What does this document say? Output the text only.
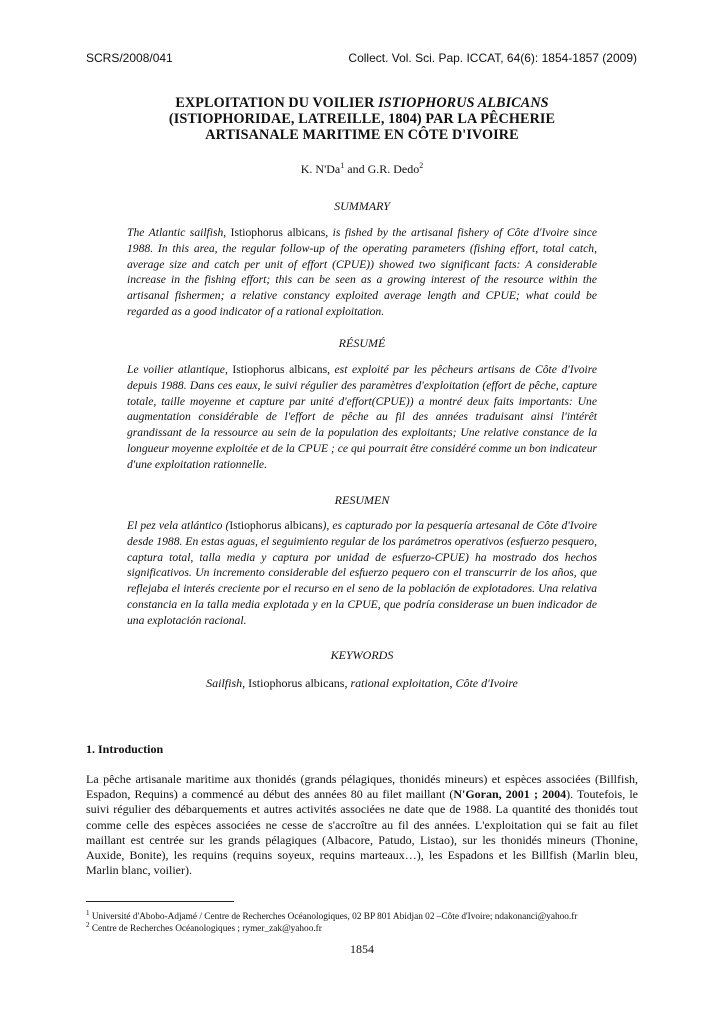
SCRS/2008/041	Collect. Vol. Sci. Pap. ICCAT, 64(6): 1854-1857 (2009)
EXPLOITATION DU VOILIER ISTIOPHORUS ALBICANS
(ISTIOPHORIDAE, LATREILLE, 1804) PAR LA PÊCHERIE
ARTISANALE MARITIME EN CÔTE D'IVOIRE
K. N'Da$^1$ and G.R. Dedo$^2$
SUMMARY
The Atlantic sailfish, Istiophorus albicans, is fished by the artisanal fishery of Côte d'Ivoire since 1988. In this area, the regular follow-up of the operating parameters (fishing effort, total catch, average size and catch per unit of effort (CPUE)) showed two significant facts: A considerable increase in the fishing effort; this can be seen as a growing interest of the resource within the artisanal fishermen; a relative constancy exploited average length and CPUE; what could be regarded as a good indicator of a rational exploitation.
RÉSUMÉ
Le voilier atlantique, Istiophorus albicans, est exploité par les pêcheurs artisans de Côte d'Ivoire depuis 1988. Dans ces eaux, le suivi régulier des paramètres d'exploitation (effort de pêche, capture totale, taille moyenne et capture par unité d'effort(CPUE)) a montré deux faits importants: Une augmentation considérable de l'effort de pêche au fil des années traduisant ainsi l'intérêt grandissant de la ressource au sein de la population des exploitants; Une relative constance de la longueur moyenne exploitée et de la CPUE ; ce qui pourrait être considéré comme un bon indicateur d'une exploitation rationnelle.
RESUMEN
El pez vela atlántico (Istiophorus albicans), es capturado por la pesquería artesanal de Côte d'Ivoire desde 1988. En estas aguas, el seguimiento regular de los parámetros operativos (esfuerzo pesquero, captura total, talla media y captura por unidad de esfuerzo-CPUE) ha mostrado dos hechos significativos. Un incremento considerable del esfuerzo pequero con el transcurrir de los años, que reflejaba el interés creciente por el recurso en el seno de la población de explotadores. Una relativa constancia en la talla media explotada y en la CPUE, que podría considerase un buen indicador de una explotación racional.
KEYWORDS
Sailfish, Istiophorus albicans, rational exploitation, Côte d'Ivoire
1. Introduction
La pêche artisanale maritime aux thonidés (grands pélagiques, thonidés mineurs) et espèces associées (Billfish, Espadon, Requins) a commencé au début des années 80 au filet maillant (N'Goran, 2001 ; 2004). Toutefois, le suivi régulier des débarquements et autres activités associées ne date que de 1988. La quantité des thonidés tout comme celle des espèces associées ne cesse de s'accroître au fil des années. L'exploitation qui se fait au filet maillant est centrée sur les grands pélagiques (Albacore, Patudo, Listao), sur les thonidés mineurs (Thonine, Auxide, Bonite), les requins (requins soyeux, requins marteaux…), les Espadons et les Billfish (Marlin bleu, Marlin blanc, voilier).
$^1$ Université d'Abobo-Adjamé / Centre de Recherches Océanologiques, 02 BP 801 Abidjan 02 –Côte d'Ivoire; ndakonanci@yahoo.fr
$^2$ Centre de Recherches Océanologiques ; rymer_zak@yahoo.fr
1854
